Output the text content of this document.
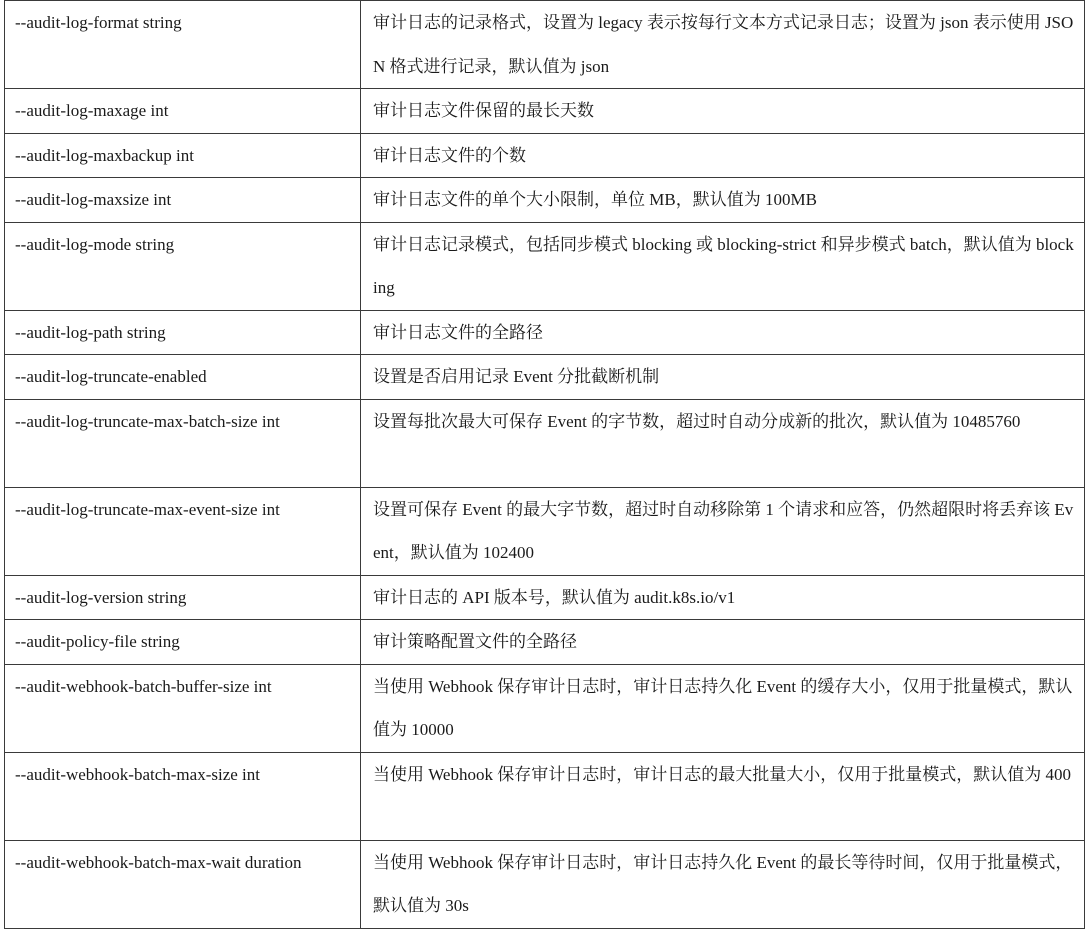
--audit-log-format string	审计日志的记录格式，设置为 legacy 表示按每行文本方式记录日志；设置为 json 表示使用 JSON 格式进行记录，默认值为 json
--audit-log-maxage int	审计日志文件保留的最长天数
--audit-log-maxbackup int	审计日志文件的个数
--audit-log-maxsize int	审计日志文件的单个大小限制，单位 MB，默认值为 100MB
--audit-log-mode string	审计日志记录模式，包括同步模式 blocking 或 blocking-strict 和异步模式 batch，默认值为 blocking
--audit-log-path string	审计日志文件的全路径
--audit-log-truncate-enabled	设置是否启用记录 Event 分批截断机制
--audit-log-truncate-max-batch-size int	设置每批次最大可保存 Event 的字节数，超过时自动分成新的批次，默认值为 10485760
--audit-log-truncate-max-event-size int	设置可保存 Event 的最大字节数，超过时自动移除第 1 个请求和应答，仍然超限时将丢弃该 Event，默认值为 102400
--audit-log-version string	审计日志的 API 版本号，默认值为 audit.k8s.io/v1
--audit-policy-file string	审计策略配置文件的全路径
--audit-webhook-batch-buffer-size int	当使用 Webhook 保存审计日志时，审计日志持久化 Event 的缓存大小，仅用于批量模式，默认值为 10000
--audit-webhook-batch-max-size int	当使用 Webhook 保存审计日志时，审计日志的最大批量大小，仅用于批量模式，默认值为 400
--audit-webhook-batch-max-wait duration	当使用 Webhook 保存审计日志时，审计日志持久化 Event 的最长等待时间，仅用于批量模式，默认值为 30s
